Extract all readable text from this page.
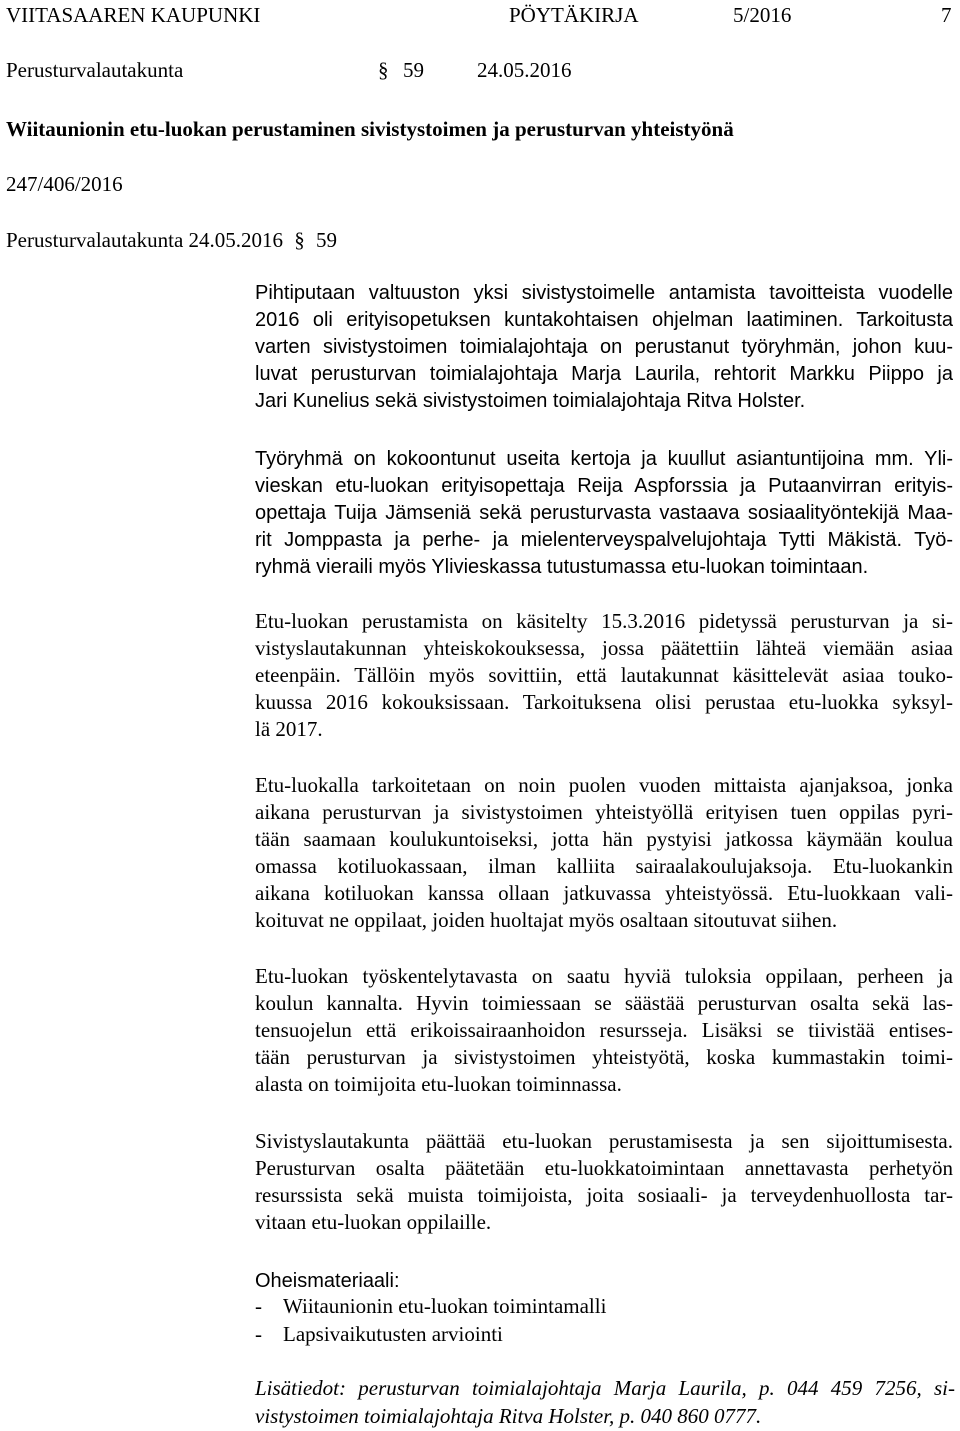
VIITASAAREN KAUPUNKI	PÖYTÄKIRJA	5/2016	7
Perusturvalautakunta	§ 59	24.05.2016
Wiitaunionin etu-luokan perustaminen sivistystoimen ja perusturvan yhteistyönä
247/406/2016
Perusturvalautakunta 24.05.2016 § 59
Pihtiputaan valtuuston yksi sivistystoimelle antamista tavoitteista vuodelle
2016 oli erityisopetuksen kuntakohtaisen ohjelman laatiminen. Tarkoitusta
varten sivistystoimen toimialajohtaja on perustanut työryhmän, johon kuu-
luvat perusturvan toimialajohtaja Marja Laurila, rehtorit Markku Piippo ja
Jari Kunelius sekä sivistystoimen toimialajohtaja Ritva Holster.
Työryhmä on kokoontunut useita kertoja ja kuullut asiantuntijoina mm. Yli-
vieskan etu-luokan erityisopettaja Reija Aspforssia ja Putaanvirran erityis-
opettaja Tuija Jämseniä sekä perusturvasta vastaava sosiaalityöntekijä Maa-
rit Jomppasta ja perhe- ja mielenterveyspalvelujohtaja Tytti Mäkistä. Työ-
ryhmä vieraili myös Ylivieskassa tutustumassa etu-luokan toimintaan.
Etu-luokan perustamista on käsitelty 15.3.2016 pidetyssä perusturvan ja si-
vistyslautakunnan yhteiskokouksessa, jossa päätettiin lähteä viemään asiaa
eteenpäin. Tällöin myös sovittiin, että lautakunnat käsittelevät asiaa touko-
kuussa 2016 kokouksissaan. Tarkoituksena olisi perustaa etu-luokka syksyl-
lä 2017.
Etu-luokalla tarkoitetaan on noin puolen vuoden mittaista ajanjaksoa, jonka
aikana perusturvan ja sivistystoimen yhteistyöllä erityisen tuen oppilas pyri-
tään saamaan koulukuntoiseksi, jotta hän pystyisi jatkossa käymään koulua
omassa kotiluokassaan, ilman kalliita sairaalakoulujaksoja. Etu-luokankin
aikana kotiluokan kanssa ollaan jatkuvassa yhteistyössä. Etu-luokkaan vali-
koituvat ne oppilaat, joiden huoltajat myös osaltaan sitoutuvat siihen.
Etu-luokan työskentelytavasta on saatu hyviä tuloksia oppilaan, perheen ja
koulun kannalta. Hyvin toimiessaan se säästää perusturvan osalta sekä las-
tensuojelun että erikoissairaanhoidon resursseja. Lisäksi se tiivistää entises-
tään perusturvan ja sivistystoimen yhteistyötä, koska kummastakin toimi-
alasta on toimijoita etu-luokan toiminnassa.
Sivistyslautakunta päättää etu-luokan perustamisesta ja sen sijoittumisesta.
Perusturvan osalta päätetään etu-luokkatoimintaan annettavasta perhetyön
resurssista sekä muista toimijoista, joita sosiaali- ja terveydenhuollosta tar-
vitaan etu-luokan oppilaille.
Oheismateriaali:
- Wiitaunionin etu-luokan toimintamalli
- Lapsivaikutusten arviointi
Lisätiedot: perusturvan toimialajohtaja Marja Laurila, p. 044 459 7256, si-
vistystoimen toimialajohtaja Ritva Holster, p. 040 860 0777.
